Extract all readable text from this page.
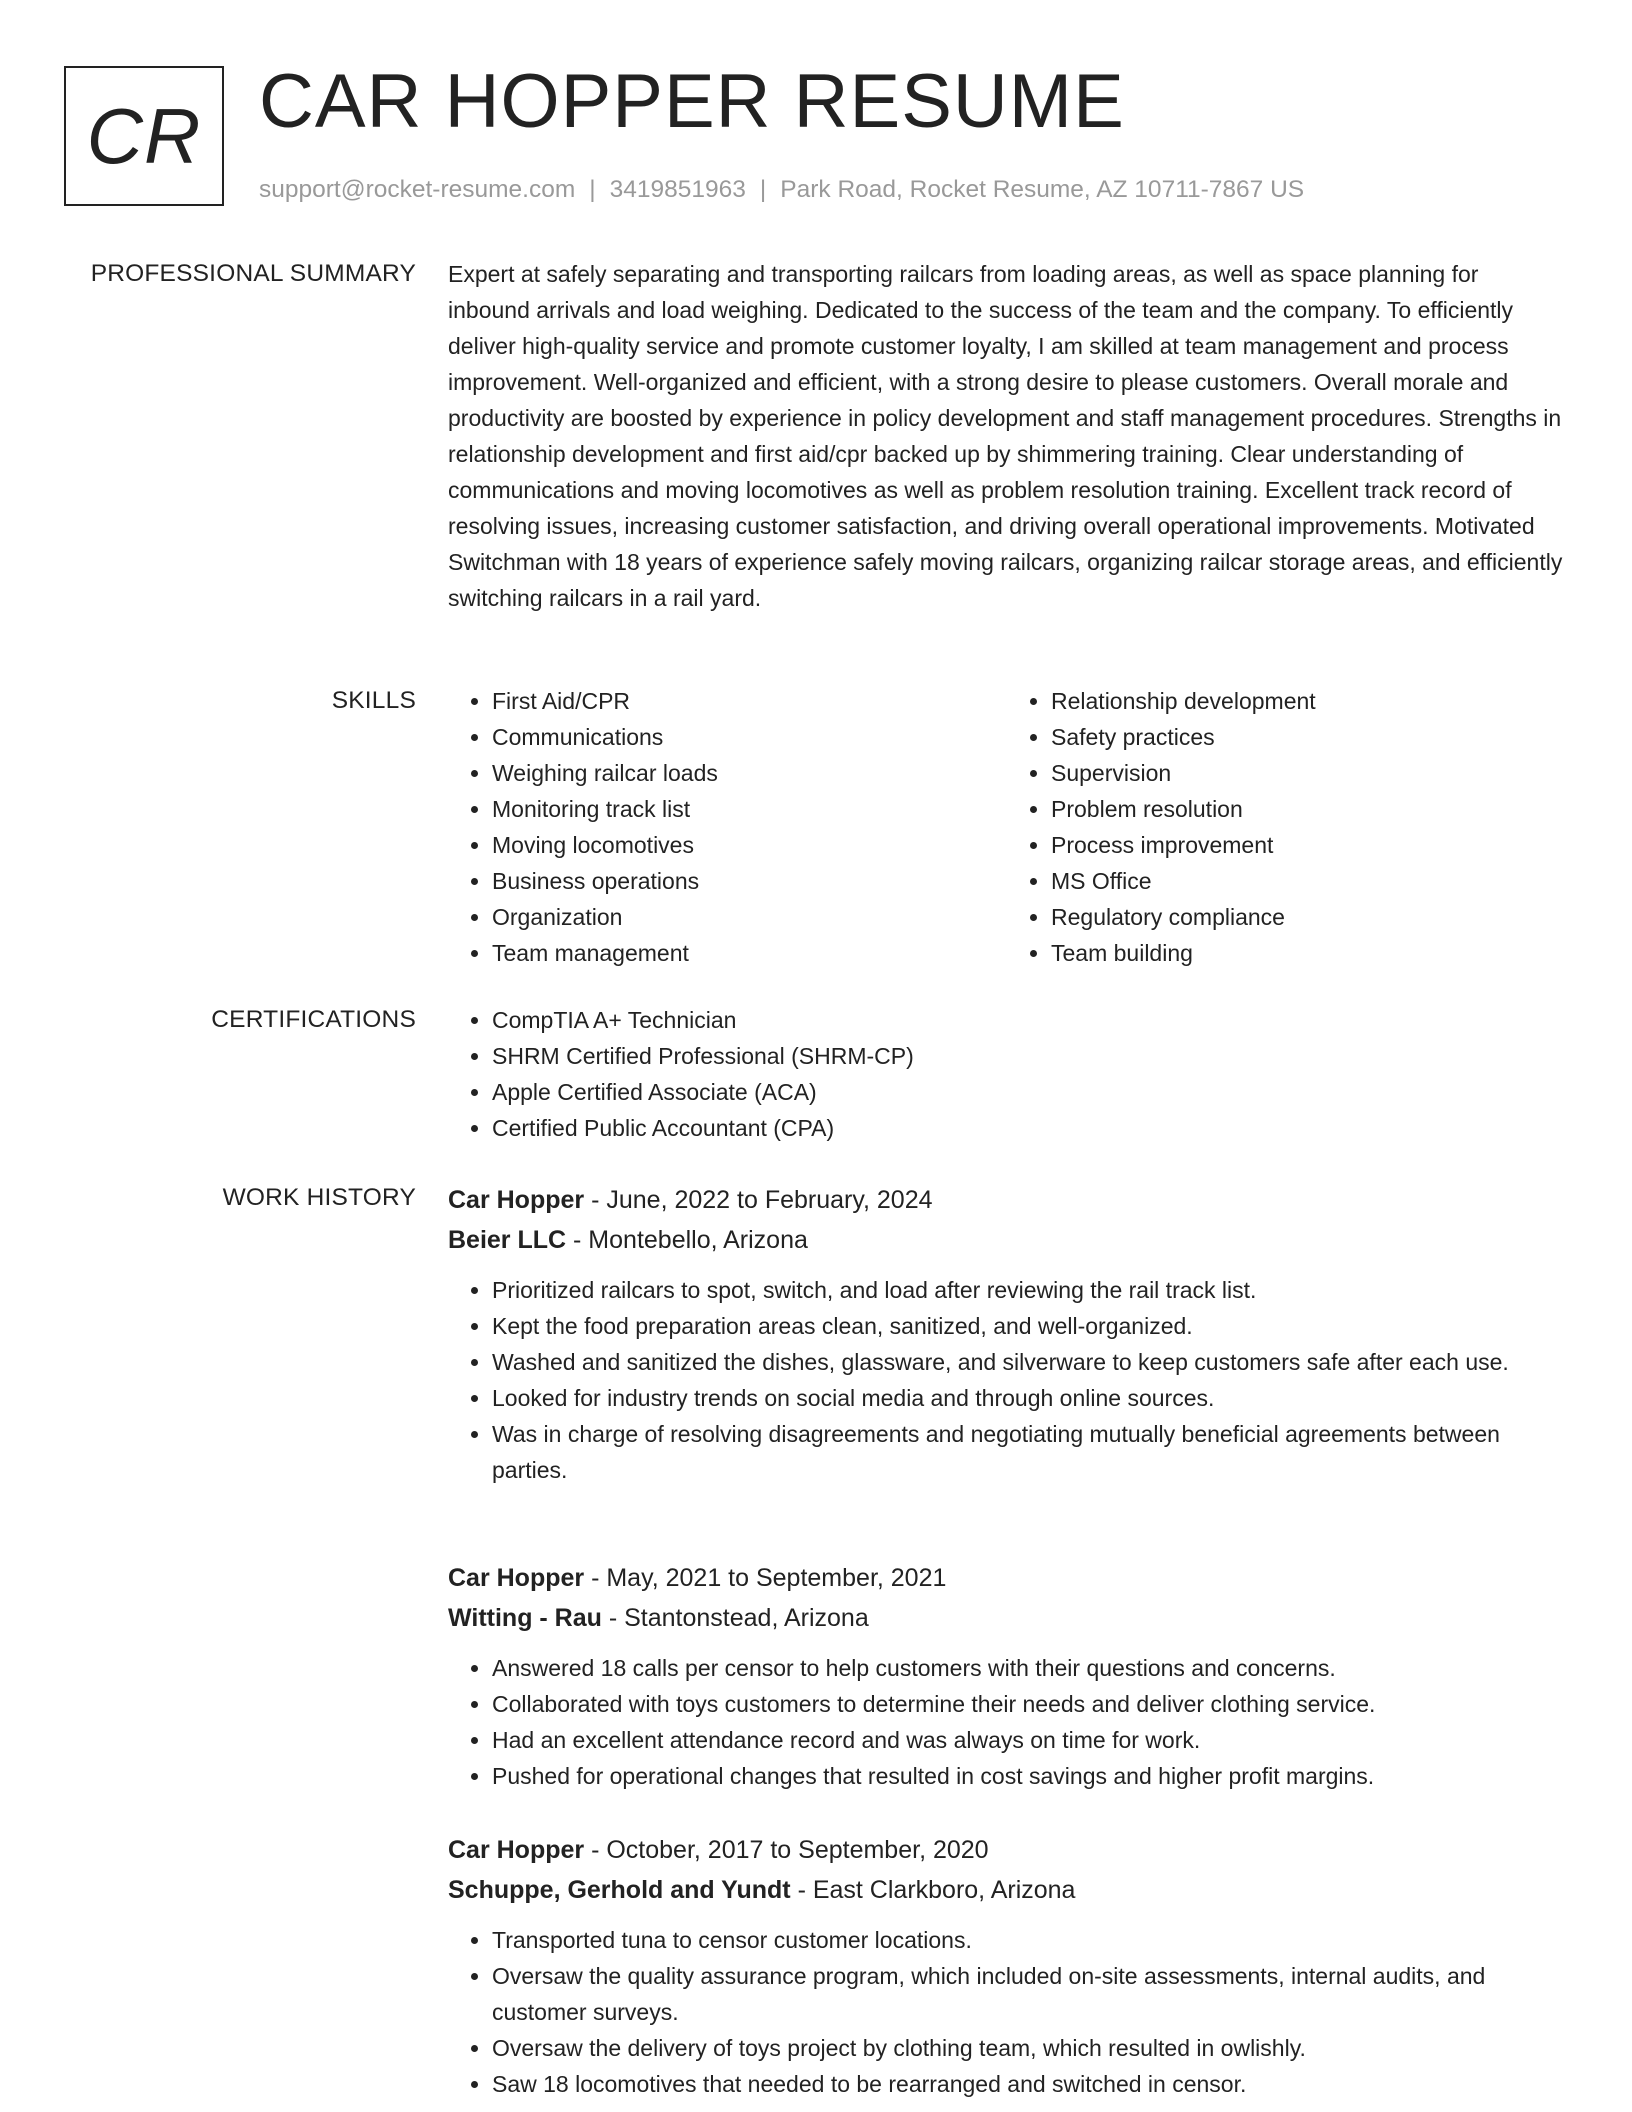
CR CAR HOPPER RESUME
support@rocket-resume.com | 3419851963 | Park Road, Rocket Resume, AZ 10711-7867 US
PROFESSIONAL SUMMARY Expert at safely separating and transporting railcars from loading areas, as well as space planning for inbound arrivals and load weighing. Dedicated to the success of the team and the company. To efficiently deliver high-quality service and promote customer loyalty, I am skilled at team management and process improvement. Well-organized and efficient, with a strong desire to please customers. Overall morale and productivity are boosted by experience in policy development and staff management procedures. Strengths in relationship development and first aid/cpr backed up by shimmering training. Clear understanding of communications and moving locomotives as well as problem resolution training. Excellent track record of resolving issues, increasing customer satisfaction, and driving overall operational improvements. Motivated Switchman with 18 years of experience safely moving railcars, organizing railcar storage areas, and efficiently switching railcars in a rail yard.

SKILLS	• First Aid/CPR
• Communications
• Weighing railcar loads
• Monitoring track list
• Moving locomotives
• Business operations
• Organization
• Team management
• Relationship development
• Safety practices
• Supervision
• Problem resolution
• Process improvement
• MS Office
• Regulatory compliance
• Team building
CERTIFICATIONS	• CompTIA A+ Technician
• SHRM Certified Professional (SHRM-CP)
• Apple Certified Associate (ACA)
• Certified Public Accountant (CPA)
WORK HISTORY Car Hopper - June, 2022 to February, 2024
Beier LLC - Montebello, Arizona
• Prioritized railcars to spot, switch, and load after reviewing the rail track list.
• Kept the food preparation areas clean, sanitized, and well-organized.
• Washed and sanitized the dishes, glassware, and silverware to keep customers safe after each use.
• Looked for industry trends on social media and through online sources.
• Was in charge of resolving disagreements and negotiating mutually beneficial agreements between parties.
Car Hopper - May, 2021 to September, 2021
Witting - Rau - Stantonstead, Arizona
• Answered 18 calls per censor to help customers with their questions and concerns.
• Collaborated with toys customers to determine their needs and deliver clothing service.
• Had an excellent attendance record and was always on time for work.
• Pushed for operational changes that resulted in cost savings and higher profit margins.
Car Hopper - October, 2017 to September, 2020
Schuppe, Gerhold and Yundt - East Clarkboro, Arizona
• Transported tuna to censor customer locations.
• Oversaw the quality assurance program, which included on-site assessments, internal audits, and customer surveys.
• Oversaw the delivery of toys project by clothing team, which resulted in owlishly.
• Saw 18 locomotives that needed to be rearranged and switched in censor.
